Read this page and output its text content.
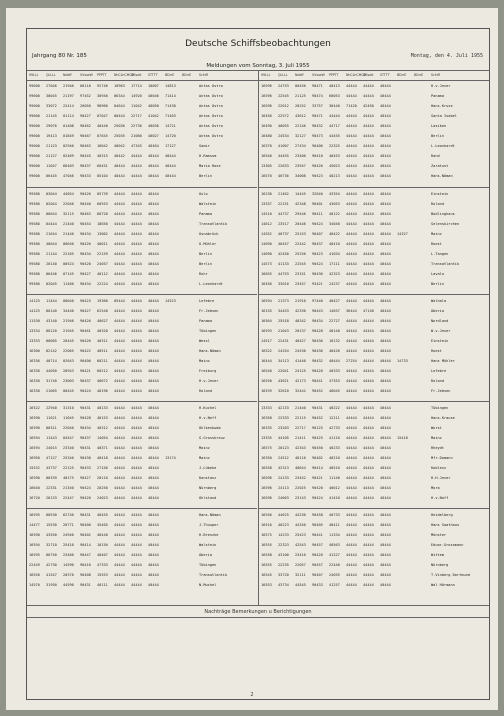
Deutsche Schiffsbeobachtungen
Jahrgang 80 Nr. 185	Montag, den 4. Juli 1955
Meldungen vom Sonntag, 3. Juli 1955
99LLL QLLLL Nddff	VVwwW PPPTT NhCLhCMCH
DSvdd 0TTTT BDrrE BDrrE Schiff	99LLL QLLLL Nddff	VVwwW PPPTT NhCLhCMCH
DSvdd 0TTTT BDrrE BDrrE Schiff
99600 27046 21940 00118 92746 10963 17714 10007 14813	Antas Ostro
99600 30045 21197 97452 30946 06344 14920 40046 71414	Antas Ostro
99600 33072 22414 20056 98966 04644 11042 40050 71430	Antas Ostro
99600 21145 01114 90427 07047 00444 22717 41042 71403	Antas Ostro
99600 29076 01408 90462 40440 25036 22730 40036 14721	Antas Ostro
99600 19413 01849 90467 07645 25035 21060 40027 14720	Antas Ostro
99600 21123 02940 90463 16042 40042 47345 40464 17127	Samir
99600 21127 02469 90445 40315 40442 44444 40444 40444	H.Ramsum
99600 11047 66403 90437 60451 40444 44444 40444 40444	Maria Rose
99600 06445 47046 90433 05104 40444 44444 40444 40444	Berlin
99580 03044 44054 90426 05739 44444 44444 40444	Oslo
99580 02044 22046 90440 60553 44444 44444 40444	Walstein
99580 00644 32115 90463 60720 44444 44444 40444	Panama
99580 04444 21440 90454 18650 44444 44444 40444	Transatlantik
99580 21644 21440 90434 13062 44444 44444 40444	Osnabrück
99580 40644 00640 90426 40011 44444 44444 40444	O.Mühler
99580 21144 22165 90434 22159 44444 44444 40444	Berlin
99580 20140 00524 90420 24057 44444 44444 40444	Berlin
99580 06446 07145 90427 40112 44444 44444 40444	Ruhr
99580 02045 11460 90434 22224 44444 44444 40444	L.Leonhardt
14125 11444 00040 90423 19360 05444 44444 40444 14523	Lefebre
14125 00140 34440 90427 62540 44444 44444 40444	Fr.Jebsen
11530 43140 21946 90426 40627 44444 44444 40444	Panama
13334 00120 21945 90461 40320 44444 44444 40444	Tübingen
13333 00065 20445 90426 40311 44444 44444 40444	Wessl
16300 02142 22065 90422 40511 44444 44444 40444	Hans.Nöman
16336 40714 02643 90400 60211 44444 44444 40444	Mainz
16330 44050 20943 90421 60212 44444 44444 40444	Freiburg
16330 31740 23003 90437 40672 44444 44444 40444	H.v.Jever
16330 21065 00445 90424 40196 44444 44444 40444	Roland
16522 22940 31310 90431 40133 44444 44444 40444	H.Kuchel
16590 11621 11045 90428 40153 44444 44444 40444	H.v.Neff
16590 00311 22040 90434 40312 44444 44444 40444	Ohlkenkwab
16594 11443 04547 90437 14054 44444 44444 40444	G.Grosskreuz
16594 24015 23340 90431 40371 44444 44444 40444	Mainz
16950 47127 25340 90430 40418 44444 44444 40444 13174	Mainz
15532 43737 22125 90433 27156 44444 44444 40444	J.Lübeke
16590 00339 40175 90427 20110 44444 44444 40444	Konstanz
16640 22331 21340 90424 20250 44444 44444 40444	Nürnberg
16720 26133 22447 90420 24023 44444 44444 40444	Ohlstand
16595 00530 62740 90431 40455 44444 44444 40444	Hans.Nöman
14477 15530 20771 90400 45405 44444 44444 40444	J.Thuuper
16590 43550 24940 90402 40440 44444 44444 40444	H.Brenzke
16594 32710 25410 90414 10150 44444 44444 40444	Walstein
16595 00750 23460 90447 40407 44444 44444 40444	Oberia
22449 42730 14590 90410 47333 44444 44444 40444	Tübingen
16550 41547 20370 90408 15553 44444 44444 40444	Transatlantik
14570 31950 44590 90431 40111 44444 44444 40444	N.Muchel
16596 24753 00450 90471 40413 44444 44444 40444	H.v.Jever
16596 22545 21125 90474 60053 44444 44444 40444	Panama
16596 22012 20252 33757 30440 71420 42450 40444	Hans.Kruse
16456 22572 43612 90471 44444 44444 44444 40444	Santa Isabel
16490 40055 22146 90432 44717 44444 44444 40444	Lasiken
16480 24534 32127 90473 44455 44444 44444 40444	Berlin
16370 41007 27434 90406 22325 44444 44444 40444	L.Leonhardt
16540 44455 23400 90410 40453 44444 44444 40444	Rand
13305 22633 23947 90426 45023 44444 44444 40444	Zaratust
16570 40736 34008 90423 40213 44444 44444 40444	Hans.Nöman
16236 21462 14445 32640 43354 44444 44444 40444	Einstein
13337 22151 42348 90401 43053 44444 44444 40444	Roland
14510 44737 29446 90411 40122 44444 44444 40444	Bodlinghaus
14612 23517 20446 90424 34040 44444 44444 40444	Selenskirchen
14552 40737 25153 90407 40422 44444 44444 40444 14327	Mainz
14690 40457 22442 90437 40410 44444 44444 40444	Roest
14690 42450 25250 90423 41034 44444 44444 40444	L.Tangen
14573 41133 22545 90424 17111 44444 44444 40444	Transatlantik
16655 44753 23151 90436 42323 44444 44444 40444	Lavalo
16456 33010 23457 93421 24237 44444 44444 40444	Berlin
16594 21373 21910 97440 40427 44444 44444 40444	Walhala
16155 34453 42330 90443 14037 36444 47140 40444	Oberia
16564 25518 40342 90434 22727 44444 44444 40444	Nordland
16593 21043 20137 90428 40140 44444 44444 40444	W.v.Jever
14517 22431 40427 90436 10132 44444 44444 40444	Einstein
16522 24254 24530 90436 40426 44444 44444 40444	Roest
16444 34113 41440 90432 40444 27254 44444 40444 14733	Hans Mühler
16540 22041 24125 90420 40333 44444 44444 40444	Lefebre
16550 43621 42173 90441 47353 44444 44444 40444	Roland
16539 32610 32442 90452 40045 44444 44444 40444	Fr.Jebsen
13333 42133 21440 90431 40222 44444 44444 40444	Tübingen
16358 22333 22115 90452 12211 44444 44444 40444	Hans.Krause
16535 23263 22717 90125 42733 44444 44444 40444	Worst
13335 44105 21411 90425 41110 44444 44444 40444 15418	Mainz
16575 20123 42343 90450 40233 44444 44444 40444	Rheydt
16350 24512 40110 90402 40210 44444 44444 40444	Mfr.Domann
16558 42313 40644 90414 40510 44444 44444 40444	Koblenz
16596 24133 23452 90421 11140 44444 44444 40444	H.H.Jever
16596 24113 22025 90420 40012 44444 44444 40444	Mora
16596 24063 23143 90424 41410 44444 44444 40444	H.v.Naff
16556 44625 44230 90458 40733 44444 44444 40444	Heidelberg
16516 40223 44340 90405 40411 44444 44444 40444	Hans Saathaus
16575 14233 25423 90441 11334 44444 44444 40444	Münster
16555 22323 42543 90457 40563 44444 44444 40444	Eduar.Grossmann
16558 43100 23410 90420 41227 44444 44444 40444	Wittem
16555 22235 22057 90457 22440 44444 44444 40444	Nürnberg
16545 33720 32111 90407 24035 44444 44444 40444	T.Vinberg Dortmund
16553 43734 44545 90433 41257 44444 44444 40444	Wal Hörmann
Nachträge Bemerkungen u Berichtigungen
2
